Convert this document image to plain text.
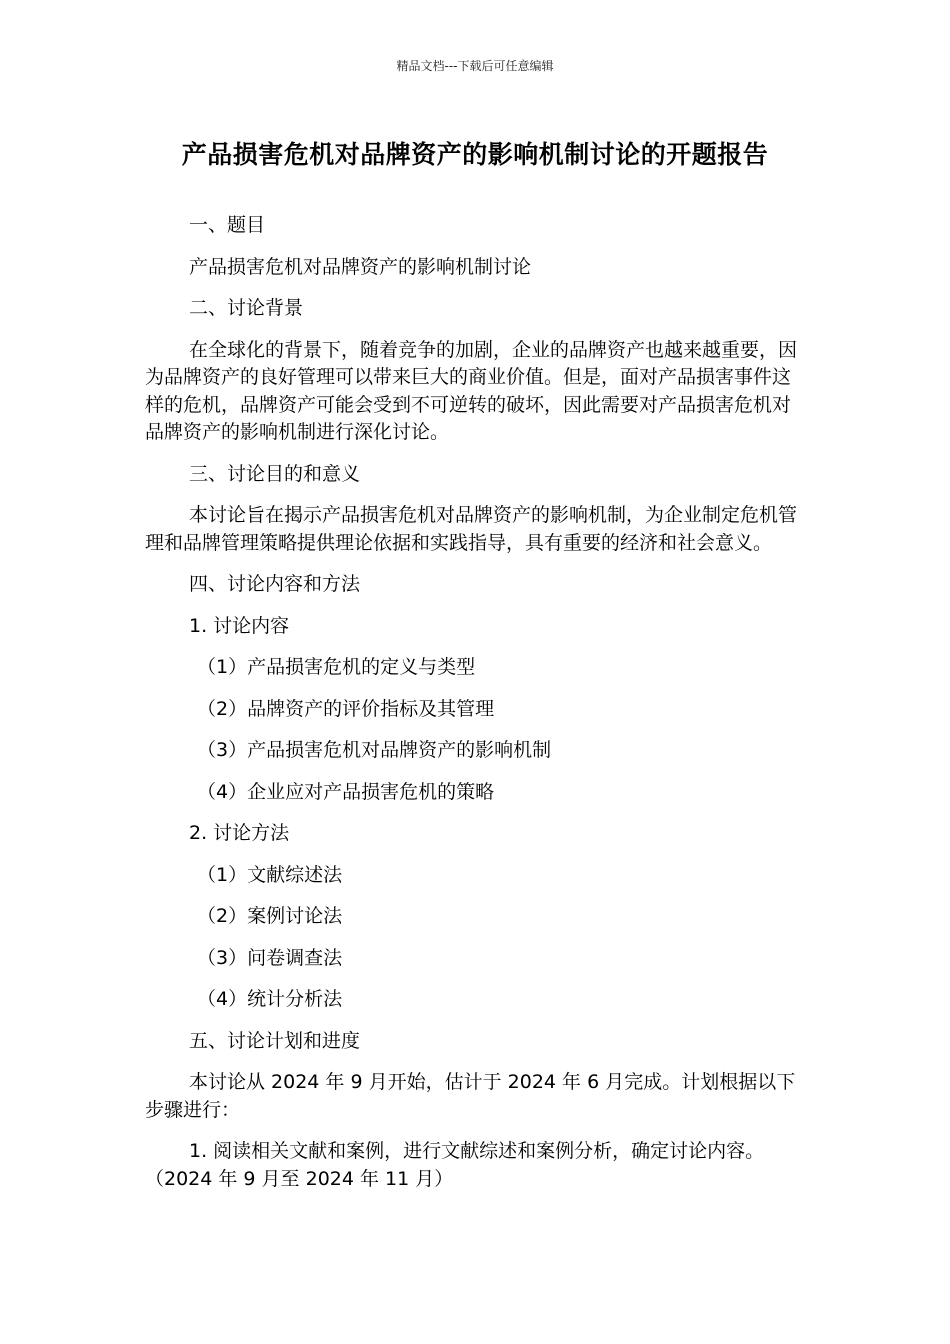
精品文档---下载后可任意编辑
产品损害危机对品牌资产的影响机制讨论的开题报告

一、题目

产品损害危机对品牌资产的影响机制讨论

二、讨论背景

在全球化的背景下，随着竞争的加剧，企业的品牌资产也越来越重要，因为品牌资产的良好管理可以带来巨大的商业价值。但是，面对产品损害事件这样的危机，品牌资产可能会受到不可逆转的破坏，因此需要对产品损害危机对品牌资产的影响机制进行深化讨论。

三、讨论目的和意义

本讨论旨在揭示产品损害危机对品牌资产的影响机制，为企业制定危机管理和品牌管理策略提供理论依据和实践指导，具有重要的经济和社会意义。

四、讨论内容和方法

1. 讨论内容

（1）产品损害危机的定义与类型

（2）品牌资产的评价指标及其管理

（3）产品损害危机对品牌资产的影响机制

（4）企业应对产品损害危机的策略

2. 讨论方法

（1）文献综述法

（2）案例讨论法

（3）问卷调查法

（4）统计分析法

五、讨论计划和进度

本讨论从 2024 年 9 月开始，估计于 2024 年 6 月完成。计划根据以下步骤进行：

1. 阅读相关文献和案例，进行文献综述和案例分析，确定讨论内容。（2024 年 9 月至 2024 年 11 月）
